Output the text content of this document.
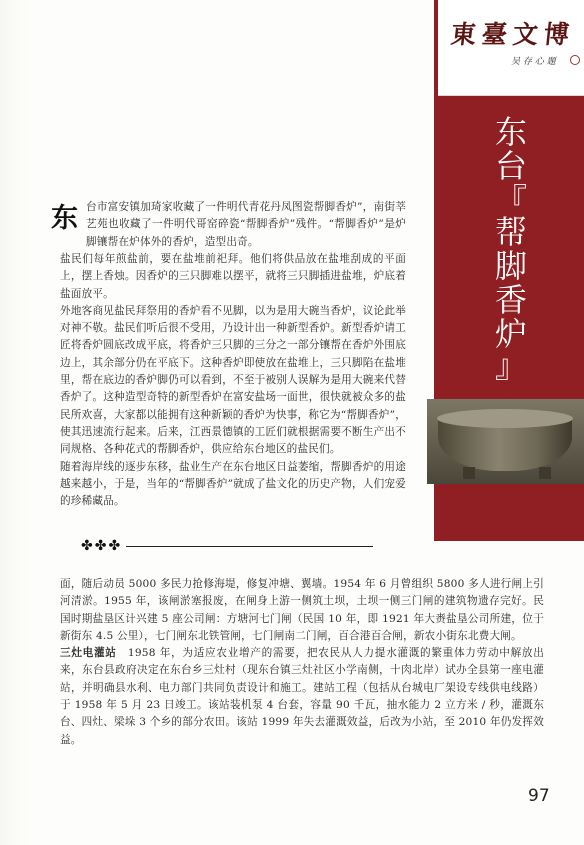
東 臺 文 博
吴 存 心 題
东
台
『
帮
脚
香
炉
』
东 台市富安镇加琦家收藏了一件明代青花丹凤图瓷帮脚香炉”，南街莘艺苑也收藏了一件明代哥窑碎瓷“帮脚香炉”残件。“帮脚香炉”是炉脚镶帮在炉体外的香炉，造型出奇。

盐民们每年煎盐前，要在盐堆前祀拜。他们将供品放在盐堆刮成的平面上，摆上香烛。因香炉的三只脚难以摆平，就将三只脚插进盐堆，炉底着盐面放平。

外地客商见盐民拜祭用的香炉看不见脚，以为是用大碗当香炉，议论此举对神不敬。盐民们听后很不受用，乃设计出一种新型香炉。新型香炉请工匠将香炉圆底改成平底，将香炉三只脚的三分之一部分镶帮在香炉外围底边上，其余部分仍在平底下。这种香炉即使放在盐堆上，三只脚陷在盐堆里，帮在底边的香炉脚仍可以看到，不至于被别人误解为是用大碗来代替香炉了。这种造型奇特的新型香炉在富安盐场一面世，很快就被众多的盐民所欢喜，大家都以能拥有这种新颖的香炉为快事，称它为“帮脚香炉”，使其迅速流行起来。后来，江西景德镇的工匠们就根据需要不断生产出不同规格、各种花式的帮脚香炉，供应给东台地区的盐民们。

随着海岸线的逐步东移，盐业生产在东台地区日益萎缩，帮脚香炉的用途越来越小，于是，当年的“帮脚香炉”就成了盐文化的历史产物，人们宠爱的珍稀藏品。

✤✤✤

面，随后动员 5000 多民力抢修海堤，修复冲塘、翼墙。1954 年 6 月曾组织 5800 多人进行闸上引河清淤。1955 年，该闸淤塞报废，在闸身上游一侧筑土坝，土坝一侧三门闸的建筑物遗存完好。民国时期盐垦区计兴建 5 座公司闸：方塘河七门闸（民国 10 年，即 1921 年大赉盐垦公司所建，位于新街东 4.5 公里），七门闸东北铁管闸，七门闸南二门闸，百合港百合闸，新农小街东北费大闸。

三灶电灌站　1958 年，为适应农业增产的需要，把农民从人力提水灌溉的繁重体力劳动中解放出来，东台县政府决定在东台乡三灶村（现东台镇三灶社区小学南侧，十肉北岸）试办全县第一座电灌站，并明确县水利、电力部门共同负责设计和施工。建站工程（包括从台城电厂架设专线供电线路）于 1958 年 5 月 23 日竣工。该站装机泵 4 台套，容量 90 千瓦，抽水能力 2 立方米 / 秒，灌溉东台、四灶、梁垛 3 个乡的部分农田。该站 1999 年失去灌溉效益，后改为小站，至 2010 年仍发挥效益。

97
